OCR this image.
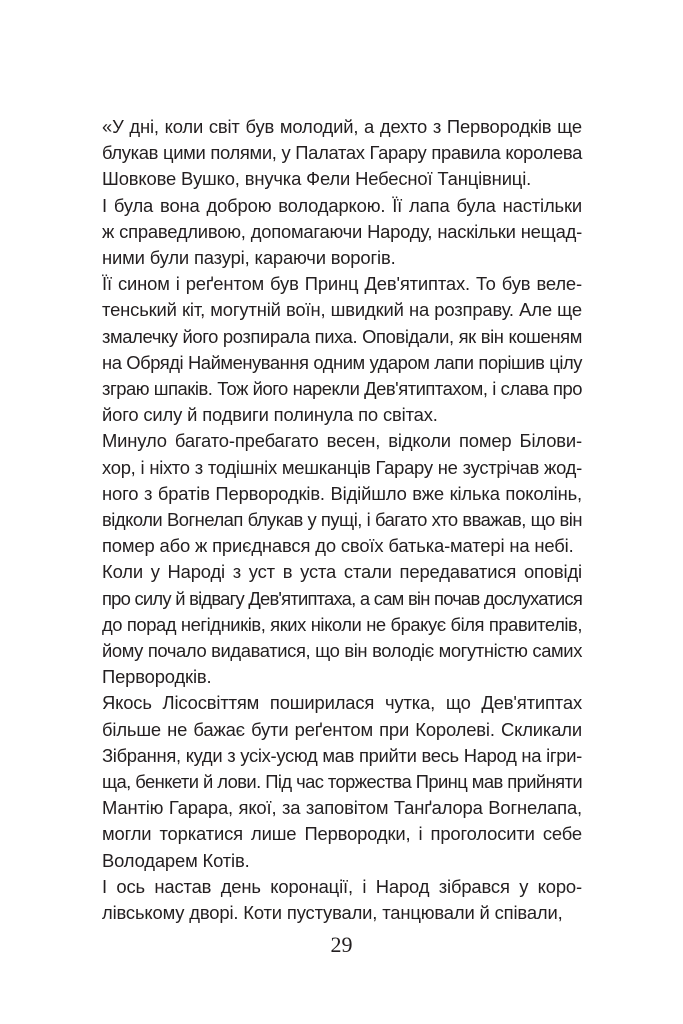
«У дні, коли світ був молодий, а дехто з Первородків ще
блукав цими полями, у Палатах Гарару правила королева
Шовкове Вушко, внучка Фели Небесної Танцівниці.

І була вона доброю володаркою. Її лапа була настільки
ж справедливою, допомагаючи Народу, наскільки нещад-
ними були пазурі, караючи ворогів.

Її сином і реґентом був Принц Дев'ятиптах. То був веле-
тенський кіт, могутній воїн, швидкий на розправу. Але ще
змалечку його розпирала пиха. Оповідали, як він кошеням
на Обряді Найменування одним ударом лапи порішив цілу
зграю шпаків. Тож його нарекли Дев'ятиптахом, і слава про
його силу й подвиги полинула по світах.

Минуло багато-пребагато весен, відколи помер Білови-
хор, і ніхто з тодішніх мешканців Гарару не зустрічав жод-
ного з братів Первородків. Відійшло вже кілька поколінь,
відколи Вогнелап блукав у пущі, і багато хто вважав, що він
помер або ж приєднався до своїх батька-матері на небі.

Коли у Народі з уст в уста стали передаватися оповіді
про силу й відвагу Дев'ятиптаха, а сам він почав дослухатися
до порад негідників, яких ніколи не бракує біля правителів,
йому почало видаватися, що він володіє могутністю самих
Первородків.

Якось Лісосвіттям поширилася чутка, що Дев'ятиптах
більше не бажає бути реґентом при Королеві. Скликали
Зібрання, куди з усіх-усюд мав прийти весь Народ на ігри-
ща, бенкети й лови. Під час торжества Принц мав прийняти
Мантію Гарара, якої, за заповітом Танґалора Вогнелапа,
могли торкатися лише Первородки, і проголосити себе
Володарем Котів.

І ось настав день коронації, і Народ зібрався у коро-
лівському дворі. Коти пустували, танцювали й співали,

29
